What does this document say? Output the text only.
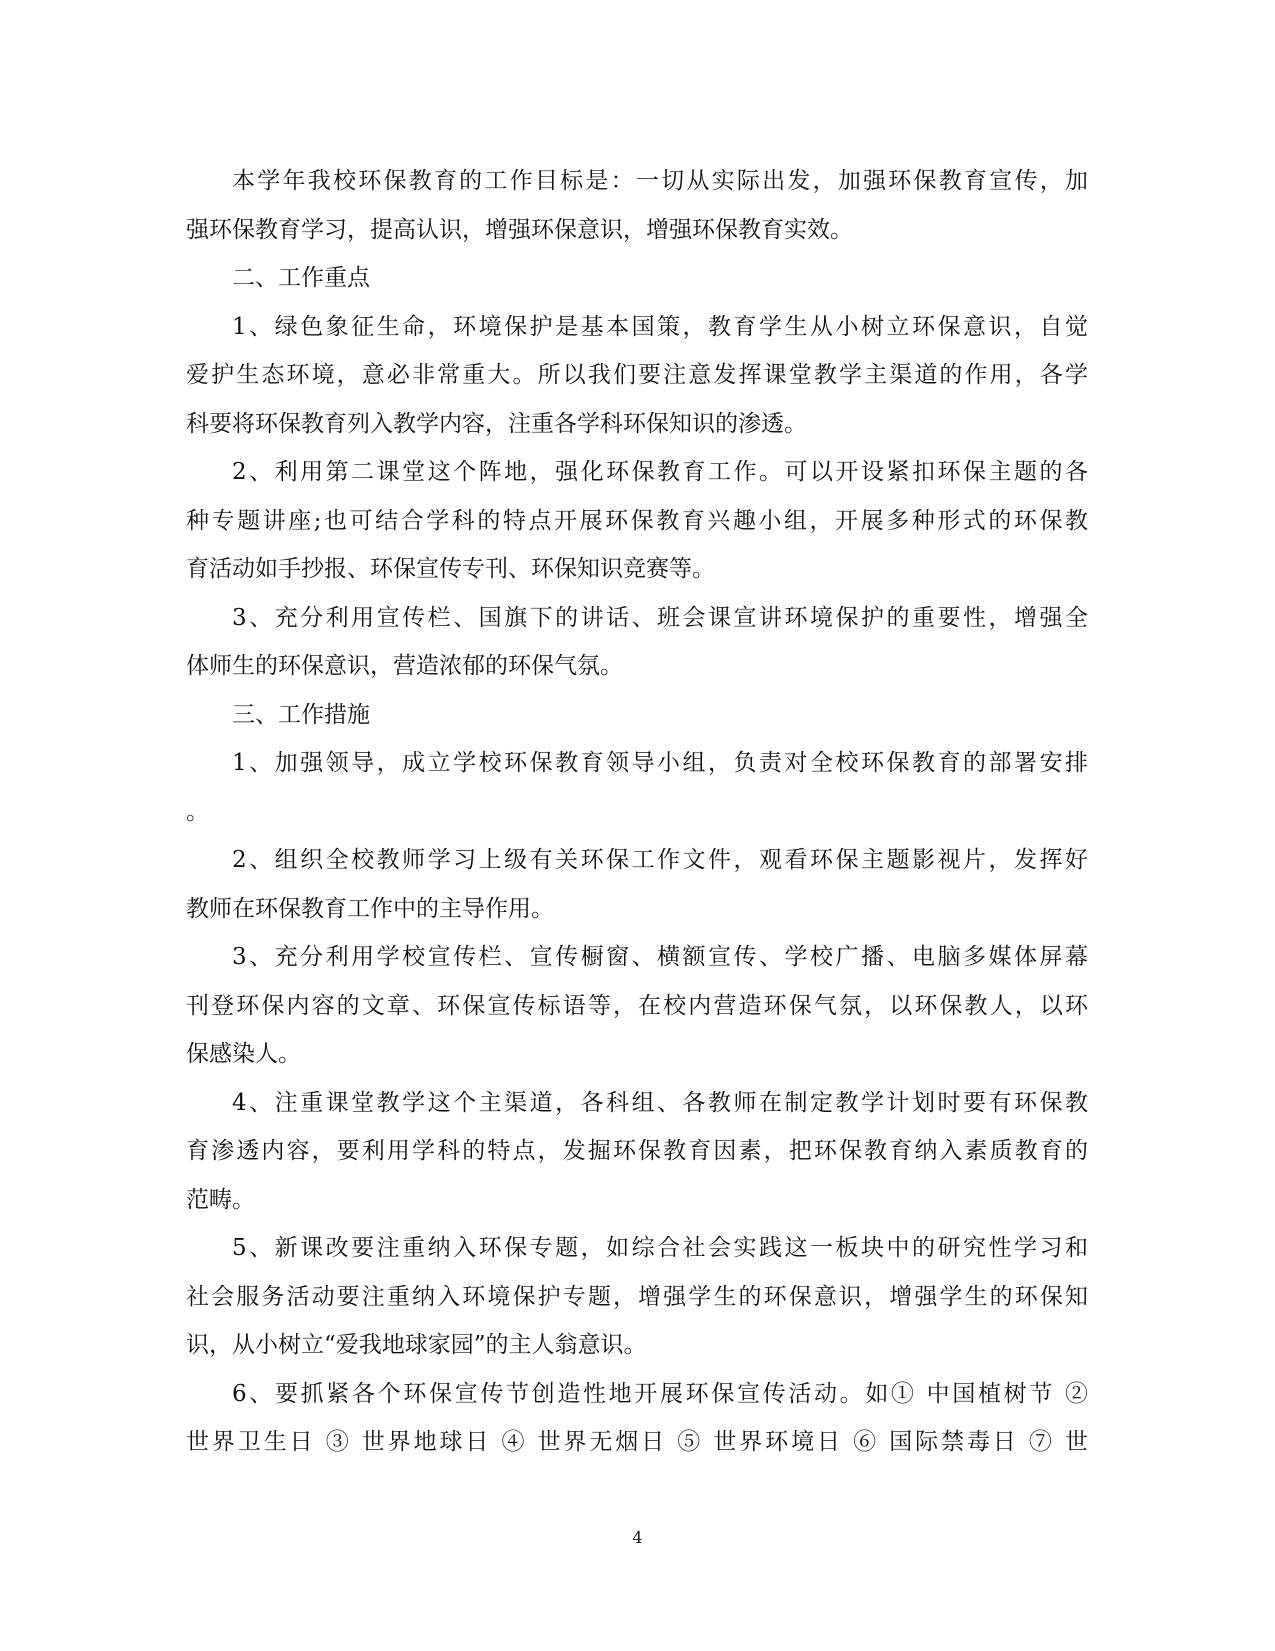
本学年我校环保教育的工作目标是：一切从实际出发，加强环保教育宣传，加
强环保教育学习，提高认识，增强环保意识，增强环保教育实效。
二、工作重点
1、绿色象征生命，环境保护是基本国策，教育学生从小树立环保意识，自觉
爱护生态环境，意必非常重大。所以我们要注意发挥课堂教学主渠道的作用，各学
科要将环保教育列入教学内容，注重各学科环保知识的渗透。
2、利用第二课堂这个阵地，强化环保教育工作。可以开设紧扣环保主题的各
种专题讲座;也可结合学科的特点开展环保教育兴趣小组，开展多种形式的环保教
育活动如手抄报、环保宣传专刊、环保知识竞赛等。
3、充分利用宣传栏、国旗下的讲话、班会课宣讲环境保护的重要性，增强全
体师生的环保意识，营造浓郁的环保气氛。
三、工作措施
1、加强领导，成立学校环保教育领导小组，负责对全校环保教育的部署安排
。
2、组织全校教师学习上级有关环保工作文件，观看环保主题影视片，发挥好
教师在环保教育工作中的主导作用。
3、充分利用学校宣传栏、宣传橱窗、横额宣传、学校广播、电脑多媒体屏幕
刊登环保内容的文章、环保宣传标语等，在校内营造环保气氛，以环保教人，以环
保感染人。
4、注重课堂教学这个主渠道，各科组、各教师在制定教学计划时要有环保教
育渗透内容，要利用学科的特点，发掘环保教育因素，把环保教育纳入素质教育的
范畴。
5、新课改要注重纳入环保专题，如综合社会实践这一板块中的研究性学习和
社会服务活动要注重纳入环境保护专题，增强学生的环保意识，增强学生的环保知
识，从小树立“爱我地球家园”的主人翁意识。
6、要抓紧各个环保宣传节创造性地开展环保宣传活动。如① 中国植树节 ②
世界卫生日 ③ 世界地球日 ④ 世界无烟日 ⑤ 世界环境日 ⑥ 国际禁毒日 ⑦ 世
4
